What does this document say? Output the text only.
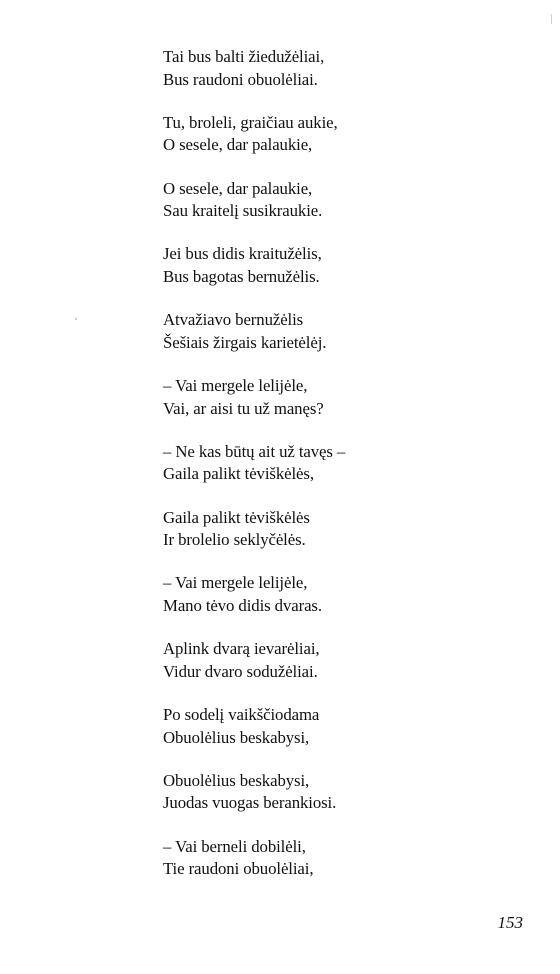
Tai bus balti žiedužėliai,
Bus raudoni obuolėliai.
Tu, broleli, graičiau aukie,
O sesele, dar palaukie,
O sesele, dar palaukie,
Sau kraitelį susikraukie.
Jei bus didis kraitužėlis,
Bus bagotas bernužėlis.
Atvažiavo bernužėlis
Šešiais žirgais karietėlėj.
– Vai mergele lelijėle,
Vai, ar aisi tu už manęs?
– Ne kas būtų ait už tavęs –
Gaila palikt tėviškėlės,
Gaila palikt tėviškėlės
Ir brolelio seklyčėlės.
– Vai mergele lelijėle,
Mano tėvo didis dvaras.
Aplink dvarą ievarėliai,
Vidur dvaro sodužėliai.
Po sodelį vaikščiodama
Obuolėlius beskabysi,
Obuolėlius beskabysi,
Juodas vuogas berankiosi.
– Vai berneli dobilėli,
Tie raudoni obuolėliai,
153
